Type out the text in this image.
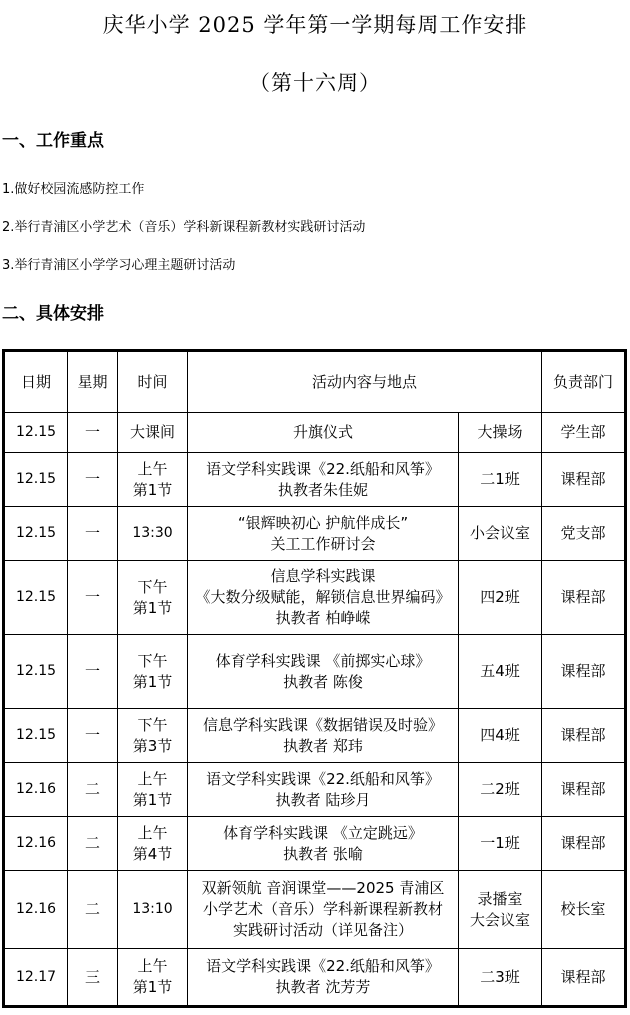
庆华小学 2025 学年第一学期每周工作安排
（第十六周）
一、工作重点
1.做好校园流感防控工作
2.举行青浦区小学艺术（音乐）学科新课程新教材实践研讨活动
3.举行青浦区小学学习心理主题研讨活动
二、具体安排
日期	星期	时间	活动内容与地点		负责部门
12.15	一	大课间	升旗仪式	大操场	学生部
12.15	一	上午
第1节	语文学科实践课《22.纸船和风筝》
执教者朱佳妮	二1班	课程部
12.15	一	13:30	“银辉映初心 护航伴成长”
关工工作研讨会	小会议室	党支部
12.15	一	下午
第1节	信息学科实践课
《大数分级赋能，解锁信息世界编码》
执教者 柏峥嵘	四2班	课程部
12.15	一	下午
第1节	体育学科实践课 《前掷实心球》
执教者 陈俊	五4班	课程部
12.15	一	下午
第3节	信息学科实践课《数据错误及时验》
执教者 郑玮	四4班	课程部
12.16	二	上午
第1节	语文学科实践课《22.纸船和风筝》
执教者 陆珍月	二2班	课程部
12.16	二	上午
第4节	体育学科实践课 《立定跳远》
执教者 张喻	一1班	课程部
12.16	二	13:10	双新领航 音润课堂——2025 青浦区
小学艺术（音乐）学科新课程新教材
实践研讨活动（详见备注）	录播室
大会议室	校长室
12.17	三	上午
第1节	语文学科实践课《22.纸船和风筝》
执教者 沈芳芳	二3班	课程部
